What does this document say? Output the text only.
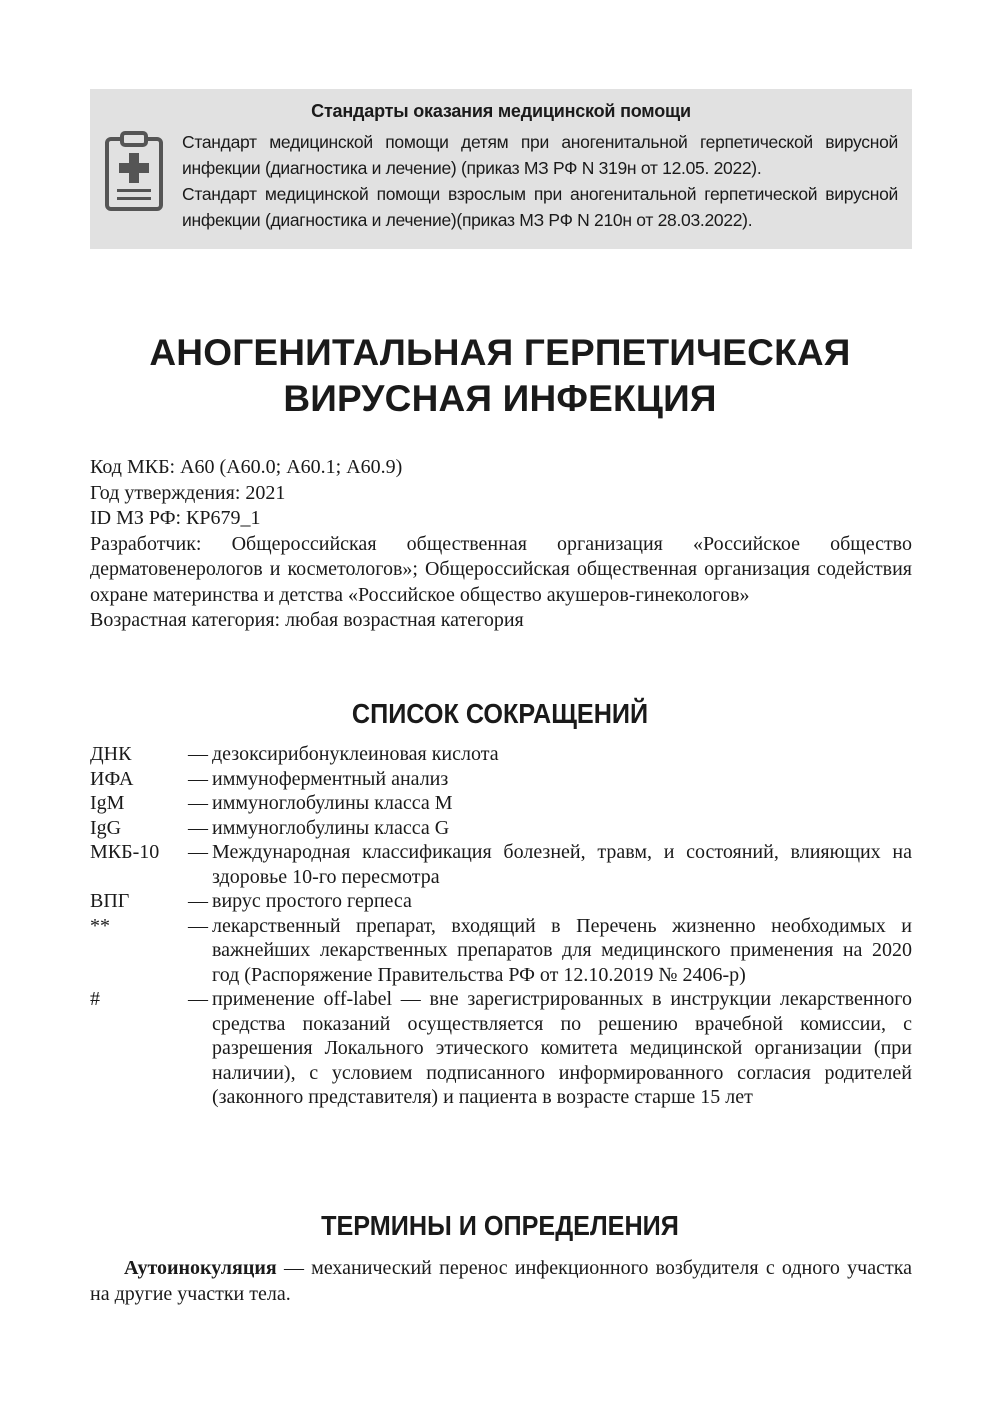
Стандарты оказания медицинской помощи

Стандарт медицинской помощи детям при аногенитальной герпетической вирусной инфекции (диагностика и лечение) (приказ МЗ РФ N 319н от 12.05. 2022).

Стандарт медицинской помощи взрослым при аногенитальной герпетической вирусной инфекции (диагностика и лечение)(приказ МЗ РФ N 210н от 28.03.2022).

АНОГЕНИТАЛЬНАЯ ГЕРПЕТИЧЕСКАЯ
ВИРУСНАЯ ИНФЕКЦИЯ

Код МКБ: А60 (А60.0; А60.1; А60.9)

Год утверждения: 2021

ID МЗ РФ: КР679_1

Разработчик: Общероссийская общественная организация «Российское общество дерматовенерологов и косметологов»; Общероссийская общественная организация содействия охране материнства и детства «Российское общество акушеров-гинекологов»

Возрастная категория: любая возрастная категория

СПИСОК СОКРАЩЕНИЙ
ДНК	— дезоксирибонуклеиновая кислота
ИФА	— иммуноферментный анализ
IgM	— иммуноглобулины класса М
IgG	— иммуноглобулины класса G
МКБ-10	— Международная классификация болезней, травм, и состояний, влияющих на здоровье 10-го пересмотра
ВПГ	— вирус простого герпеса
**	— лекарственный препарат, входящий в Перечень жизненно необходимых и важнейших лекарственных препаратов для медицинского применения на 2020 год (Распоряжение Правительства РФ от 12.10.2019 № 2406-р)
#	— применение off-label — вне зарегистрированных в инструкции лекарственного средства показаний осуществляется по решению врачебной комиссии, с разрешения Локального этического комитета медицинской организации (при наличии), с условием подписанного информированного согласия родителей (законного представителя) и пациента в возрасте старше 15 лет
ТЕРМИНЫ И ОПРЕДЕЛЕНИЯ

Аутоинокуляция — механический перенос инфекционного возбудителя с одного участка на другие участки тела.
